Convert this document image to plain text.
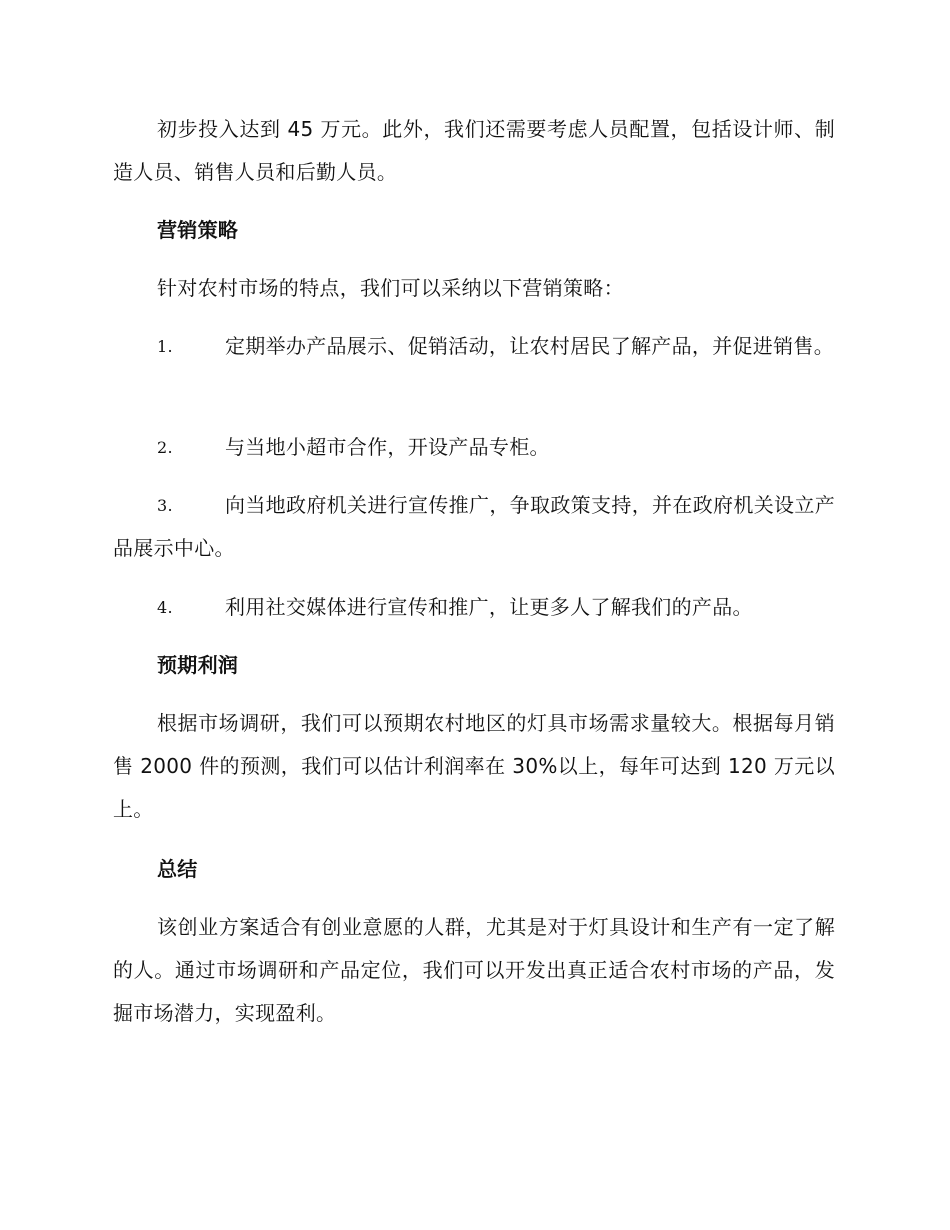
初步投入达到 45 万元。此外，我们还需要考虑人员配置，包括设计师、制造人员、销售人员和后勤人员。
营销策略
针对农村市场的特点，我们可以采纳以下营销策略：
1.	定期举办产品展示、促销活动，让农村居民了解产品，并促进销售。
2.	与当地小超市合作，开设产品专柜。
3.	向当地政府机关进行宣传推广，争取政策支持，并在政府机关设立产品展示中心。
4.	利用社交媒体进行宣传和推广，让更多人了解我们的产品。
预期利润
根据市场调研，我们可以预期农村地区的灯具市场需求量较大。根据每月销售 2000 件的预测，我们可以估计利润率在 30%以上，每年可达到 120 万元以上。
总结
该创业方案适合有创业意愿的人群，尤其是对于灯具设计和生产有一定了解的人。通过市场调研和产品定位，我们可以开发出真正适合农村市场的产品，发掘市场潜力，实现盈利。
